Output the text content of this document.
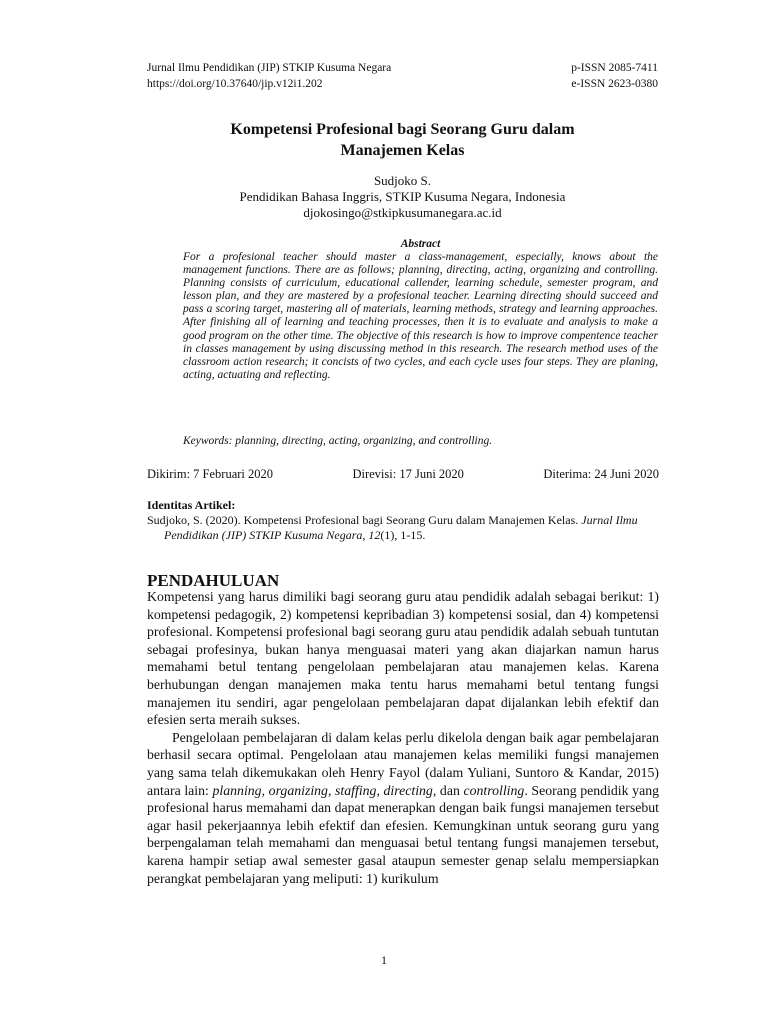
Jurnal Ilmu Pendidikan (JIP) STKIP Kusuma Negara	p-ISSN 2085-7411
https://doi.org/10.37640/jip.v12i1.202	e-ISSN 2623-0380
Kompetensi Profesional bagi Seorang Guru dalam
Manajemen Kelas
Sudjoko S.
Pendidikan Bahasa Inggris, STKIP Kusuma Negara, Indonesia
djokosingo@stkipkusumanegara.ac.id
Abstract
For a profesional teacher should master a class-management, especially, knows about the management functions. There are as follows; planning, directing, acting, organizing and controlling. Planning consists of curriculum, educational callender, learning schedule, semester program, and lesson plan, and they are mastered by a profesional teacher. Learning directing should succeed and pass a scoring target, mastering all of materials, learning methods, strategy and learning approaches. After finishing all of learning and teaching processes, then it is to evaluate and analysis to make a good program on the other time. The objective of this research is how to improve compentence teacher in classes management by using discussing method in this research. The research method uses of the classroom action research; it concists of two cycles, and each cycle uses four steps. They are planing, acting, actuating and reflecting.
Keywords: planning, directing, acting, organizing, and controlling.
Dikirim: 7 Februari 2020	Direvisi: 17 Juni 2020	Diterima: 24 Juni 2020
Identitas Artikel:
Sudjoko, S. (2020). Kompetensi Profesional bagi Seorang Guru dalam Manajemen Kelas. Jurnal Ilmu Pendidikan (JIP) STKIP Kusuma Negara, 12(1), 1-15.
PENDAHULUAN

Kompetensi yang harus dimiliki bagi seorang guru atau pendidik adalah sebagai berikut: 1) kompetensi pedagogik, 2) kompetensi kepribadian 3) kompetensi sosial, dan 4) kompetensi profesional. Kompetensi profesional bagi seorang guru atau pendidik adalah sebuah tuntutan sebagai profesinya, bukan hanya menguasai materi yang akan diajarkan namun harus memahami betul tentang pengelolaan pembelajaran atau manajemen kelas. Karena berhubungan dengan manajemen maka tentu harus memahami betul tentang fungsi manajemen itu sendiri, agar pengelolaan pembelajaran dapat dijalankan lebih efektif dan efesien serta meraih sukses.

Pengelolaan pembelajaran di dalam kelas perlu dikelola dengan baik agar pembelajaran berhasil secara optimal. Pengelolaan atau manajemen kelas memiliki fungsi manajemen yang sama telah dikemukakan oleh Henry Fayol (dalam Yuliani, Suntoro & Kandar, 2015) antara lain: planning, organizing, staffing, directing, dan controlling. Seorang pendidik yang profesional harus memahami dan dapat menerapkan dengan baik fungsi manajemen tersebut agar hasil pekerjaannya lebih efektif dan efesien. Kemungkinan untuk seorang guru yang berpengalaman telah memahami dan menguasai betul tentang fungsi manajemen tersebut, karena hampir setiap awal semester gasal ataupun semester genap selalu mempersiapkan perangkat pembelajaran yang meliputi: 1) kurikulum

1
